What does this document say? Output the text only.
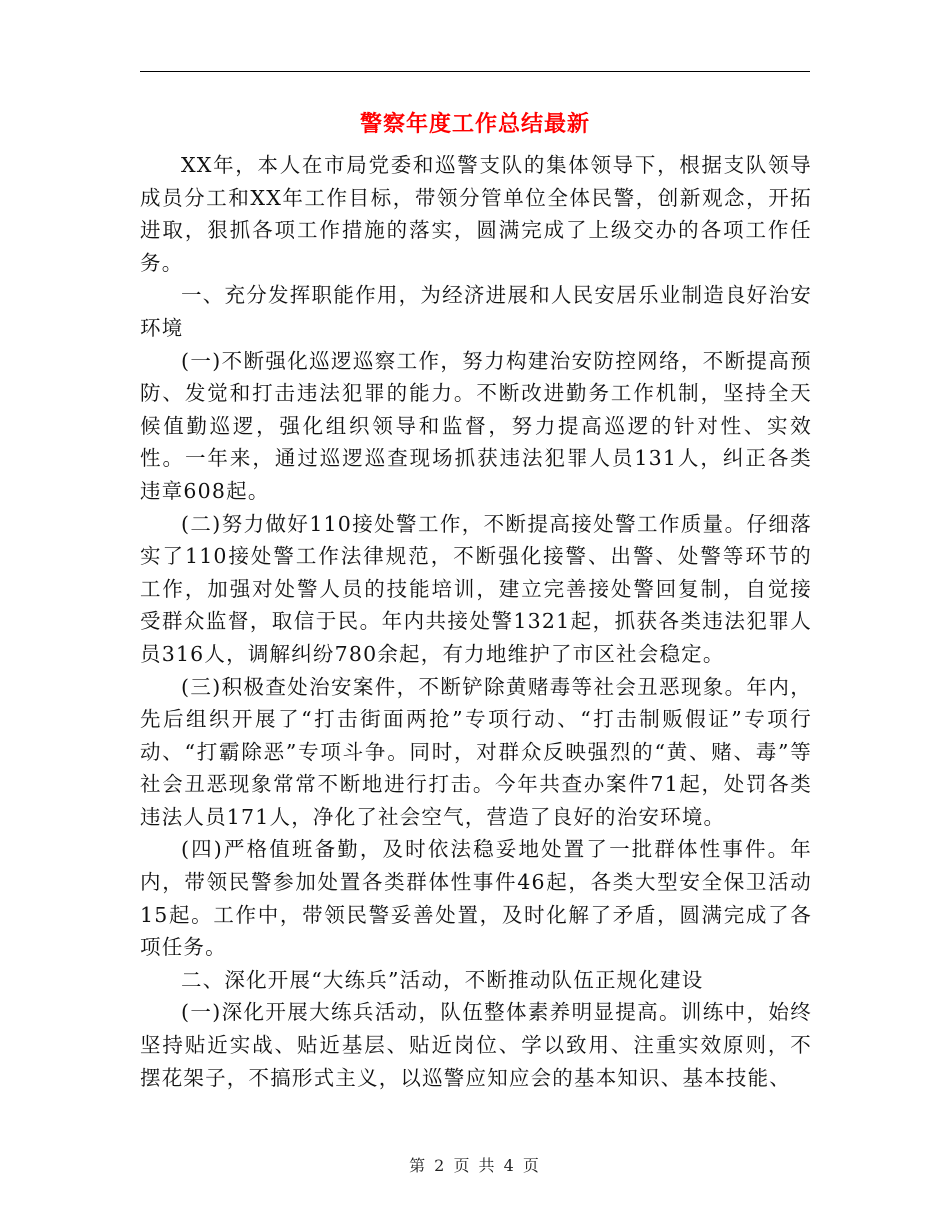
警察年度工作总结最新

XX年，本人在市局党委和巡警支队的集体领导下，根据支队领导成员分工和XX年工作目标，带领分管单位全体民警，创新观念，开拓进取，狠抓各项工作措施的落实，圆满完成了上级交办的各项工作任务。

一、充分发挥职能作用，为经济进展和人民安居乐业制造良好治安环境

(一)不断强化巡逻巡察工作，努力构建治安防控网络，不断提高预防、发觉和打击违法犯罪的能力。不断改进勤务工作机制，坚持全天候值勤巡逻，强化组织领导和监督，努力提高巡逻的针对性、实效性。一年来，通过巡逻巡查现场抓获违法犯罪人员131人，纠正各类违章608起。

(二)努力做好110接处警工作，不断提高接处警工作质量。仔细落实了110接处警工作法律规范，不断强化接警、出警、处警等环节的工作，加强对处警人员的技能培训，建立完善接处警回复制，自觉接受群众监督，取信于民。年内共接处警1321起，抓获各类违法犯罪人员316人，调解纠纷780余起，有力地维护了市区社会稳定。

(三)积极查处治安案件，不断铲除黄赌毒等社会丑恶现象。年内，先后组织开展了“打击街面两抢”专项行动、“打击制贩假证”专项行动、“打霸除恶”专项斗争。同时，对群众反映强烈的“黄、赌、毒”等社会丑恶现象常常不断地进行打击。今年共查办案件71起，处罚各类违法人员171人，净化了社会空气，营造了良好的治安环境。

(四)严格值班备勤，及时依法稳妥地处置了一批群体性事件。年内，带领民警参加处置各类群体性事件46起，各类大型安全保卫活动15起。工作中，带领民警妥善处置，及时化解了矛盾，圆满完成了各项任务。

二、深化开展“大练兵”活动，不断推动队伍正规化建设

(一)深化开展大练兵活动，队伍整体素养明显提高。训练中，始终坚持贴近实战、贴近基层、贴近岗位、学以致用、注重实效原则，不摆花架子，不搞形式主义，以巡警应知应会的基本知识、基本技能、

第 2 页 共 4 页
